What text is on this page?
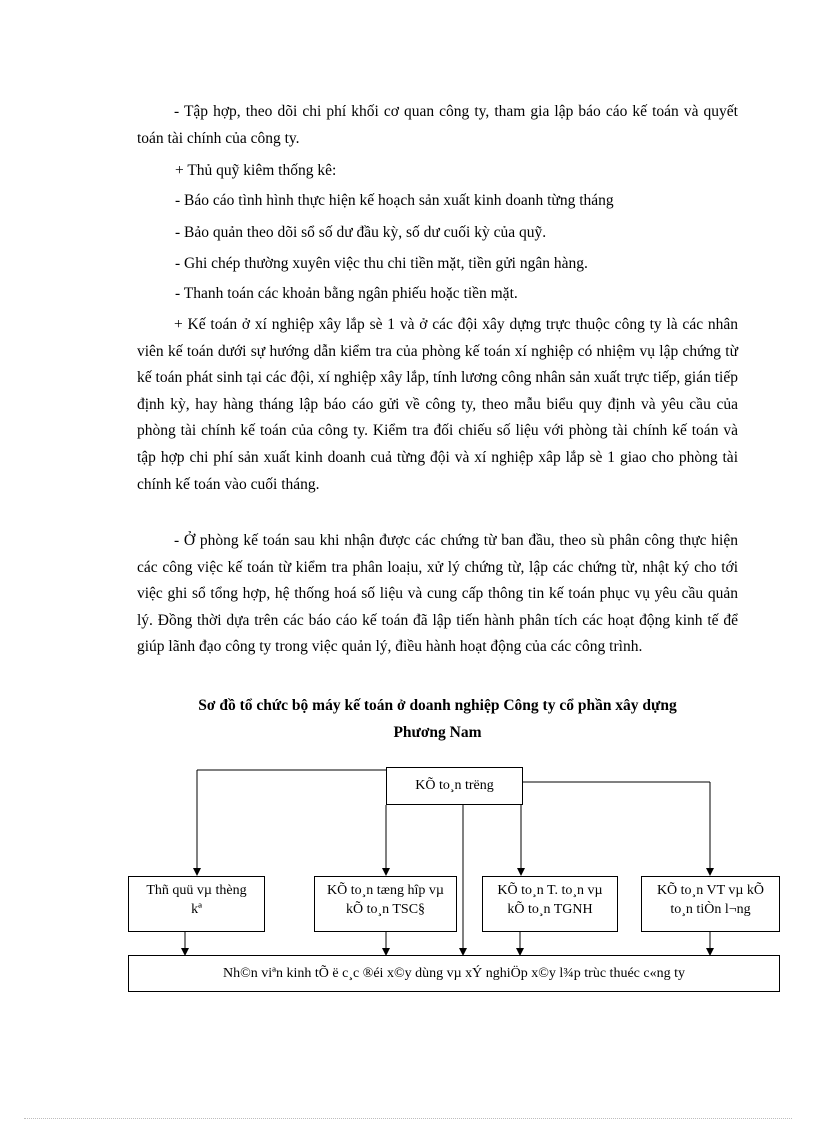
- Tập hợp, theo dõi chi phí khối cơ quan công ty, tham gia lập báo cáo kế toán và quyết toán tài chính của công ty.

+ Thủ quỹ kiêm thống kê:

- Báo cáo tình hình thực hiện kế hoạch sản xuất kinh doanh từng tháng

- Bảo quản theo dõi sổ số dư đầu kỳ, số dư cuối kỳ của quỹ.

- Ghi chép thường xuyên việc thu chi tiền mặt, tiền gửi ngân hàng.

- Thanh toán các khoản bằng ngân phiếu hoặc tiền mặt.

+ Kế toán ở xí nghiệp xây lắp sè 1 và ở các đội xây dựng trực thuộc công ty là các nhân viên kế toán dưới sự hướng dẫn kiểm tra của phòng kế toán xí nghiệp có nhiệm vụ lập chứng từ kế toán phát sinh tại các đội, xí nghiệp xây lắp, tính lương công nhân sản xuất trực tiếp, gián tiếp định kỳ, hay hàng tháng lập báo cáo gửi về công ty, theo mẫu biểu quy định và yêu cầu của phòng tài chính kế toán của công ty. Kiểm tra đối chiếu số liệu với phòng tài chính kế toán và tập hợp chi phí sản xuất kinh doanh cuả từng đội và xí nghiệp xâp lắp sè 1 giao cho phòng tài chính kế toán vào cuối tháng.

- Ở phòng kế toán sau khi nhận được các chứng từ ban đầu, theo sù phân công thực hiện các công việc kế toán từ kiểm tra phân loaịu, xử lý chứng từ, lập các chứng từ, nhật ký cho tới việc ghi sổ tổng hợp, hệ thống hoá số liệu và cung cấp thông tin kế toán phục vụ yêu cầu quản lý. Đồng thời dựa trên các báo cáo kế toán đã lập tiến hành phân tích các hoạt động kinh tế để giúp lãnh đạo công ty trong việc quản lý, điều hành hoạt động của các công trình.

Sơ đồ tổ chức bộ máy kế toán ở doanh nghiệp Công ty cổ phần xây dựng

Phương Nam

KÕ to¸n trëng
Thñ quü vµ thèng kª
KÕ to¸n tæng hîp vµ kÕ to¸n TSC§
KÕ to¸n T. to¸n vµ kÕ to¸n TGNH
KÕ to¸n VT vµ kÕ to¸n tiÒn l¬ng
Nh©n viªn kinh tÕ ë c¸c ®éi x©y dùng vµ xÝ nghiÖp x©y l¾p trùc thuéc c«ng ty
